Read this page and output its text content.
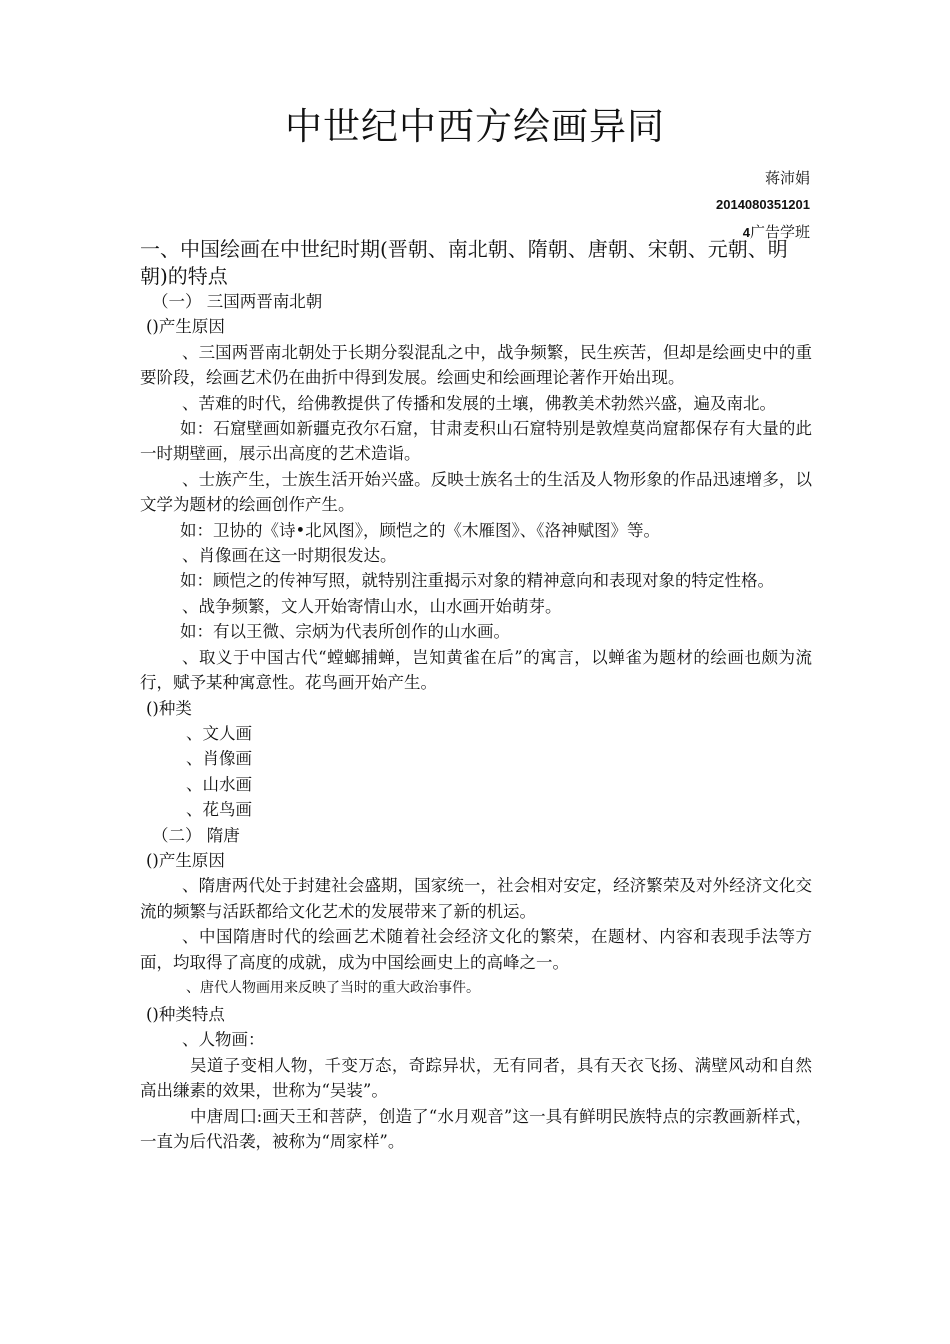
中世纪中西方绘画异同
蒋沛娟
2014080351201
4广告学班
一、中国绘画在中世纪时期(晋朝、南北朝、隋朝、唐朝、宋朝、元朝、明朝)的特点

（一） 三国两晋南北朝

()产生原因

、三国两晋南北朝处于长期分裂混乱之中，战争频繁，民生疾苦，但却是绘画史中的重要阶段，绘画艺术仍在曲折中得到发展。绘画史和绘画理论著作开始出现。

、苦难的时代，给佛教提供了传播和发展的土壤，佛教美术勃然兴盛，遍及南北。

如：石窟壁画如新疆克孜尔石窟，甘肃麦积山石窟特别是敦煌莫尚窟都保存有大量的此一时期壁画，展示出高度的艺术造诣。

、士族产生，士族生活开始兴盛。反映士族名士的生活及人物形象的作品迅速增多，以文学为题材的绘画创作产生。

如：卫协的《诗•北风图》，顾恺之的《木雁图》、《洛神赋图》等。

、肖像画在这一时期很发达。

如：顾恺之的传神写照，就特别注重揭示对象的精神意向和表现对象的特定性格。

、战争频繁，文人开始寄情山水，山水画开始萌芽。

如：有以王微、宗炳为代表所创作的山水画。

、取义于中国古代“螳螂捕蝉，岂知黄雀在后”的寓言，以蝉雀为题材的绘画也颇为流行，赋予某种寓意性。花鸟画开始产生。

()种类

、文人画

、肖像画

、山水画

、花鸟画

（二） 隋唐

()产生原因

、隋唐两代处于封建社会盛期，国家统一，社会相对安定，经济繁荣及对外经济文化交流的频繁与活跃都给文化艺术的发展带来了新的机运。

、中国隋唐时代的绘画艺术随着社会经济文化的繁荣，在题材、内容和表现手法等方面，均取得了高度的成就，成为中国绘画史上的高峰之一。

、唐代人物画用来反映了当时的重大政治事件。

()种类特点

、人物画：

吴道子变相人物，千变万态，奇踪异状，无有同者，具有天衣飞扬、满壁风动和自然高出缣素的效果，世称为“吴装”。

中唐周囗:画天王和菩萨，创造了“水月观音”这一具有鲜明民族特点的宗教画新样式，一直为后代沿袭，被称为“周家样”。
